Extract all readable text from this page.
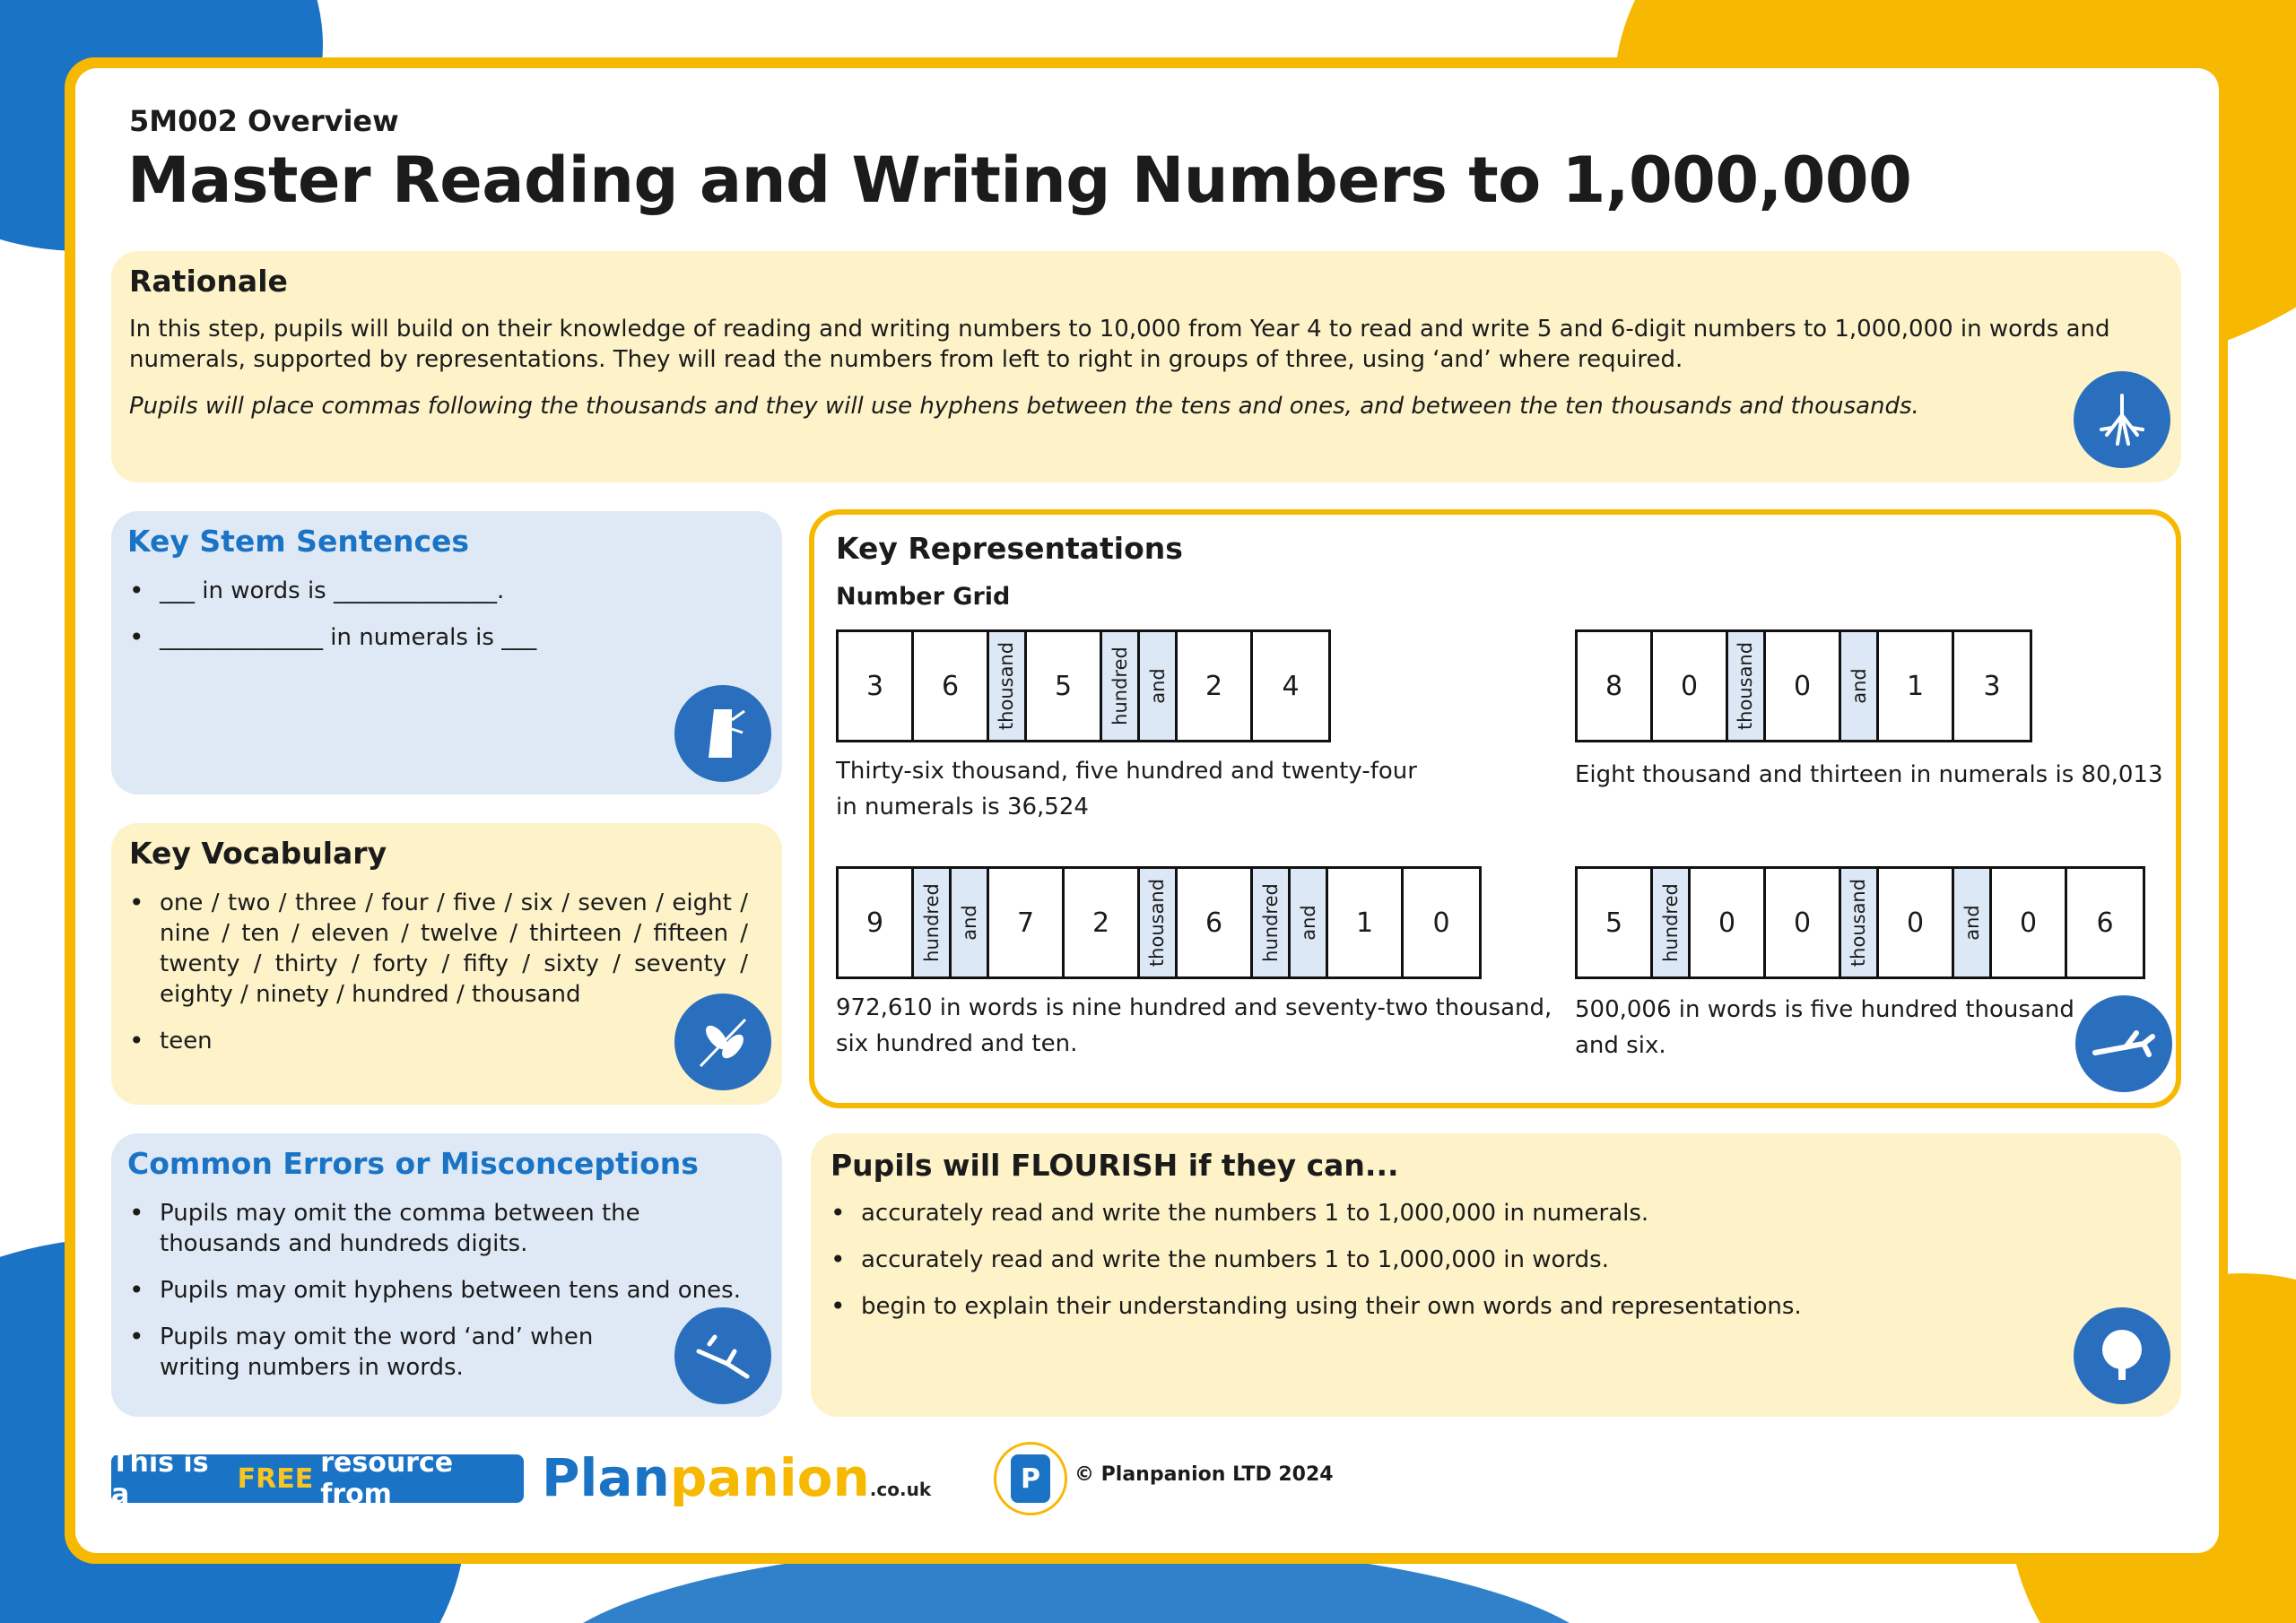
5M002 Overview
Master Reading and Writing Numbers to 1,000,000
Rationale
In this step, pupils will build on their knowledge of reading and writing numbers to 10,000 from Year 4 to read and write 5 and 6-digit numbers to 1,000,000 in words and numerals, supported by representations. They will read the numbers from left to right in groups of three, using ‘and’ where required.
Pupils will place commas following the thousands and they will use hyphens between the tens and ones, and between the ten thousands and thousands.
Key Stem Sentences
• ___ in words is ______________.
• ______________ in numerals is ___
Key Vocabulary
• one / two / three / four / five / six / seven / eight / nine / ten / eleven / twelve / thirteen / fifteen / twenty / thirty / forty / fifty / sixty / seventy / eighty / ninety / hundred / thousand
• teen
Common Errors or Misconceptions
• Pupils may omit the comma between the thousands and hundreds digits.
• Pupils may omit hyphens between tens and ones.
• Pupils may omit the word ‘and’ when writing numbers in words.
Key Representations
Number Grid
3 6 thousand 5 hundred and 2 4
Thirty-six thousand, five hundred and twenty-four
in numerals is 36,524
8 0 thousand 0 and 1 3
Eight thousand and thirteen in numerals is 80,013
9 hundred and 7 2 thousand 6 hundred and 1 0
972,610 in words is nine hundred and seventy-two thousand,
six hundred and ten.
5 hundred 0 0 thousand 0 and 0 6
500,006 in words is five hundred thousand
and six.
Pupils will FLOURISH if they can...
• accurately read and write the numbers 1 to 1,000,000 in numerals.
• accurately read and write the numbers 1 to 1,000,000 in words.
• begin to explain their understanding using their own words and representations.
This is a	FREE resource from	Planpanion.co.uk	P	© Planpanion LTD 2024
